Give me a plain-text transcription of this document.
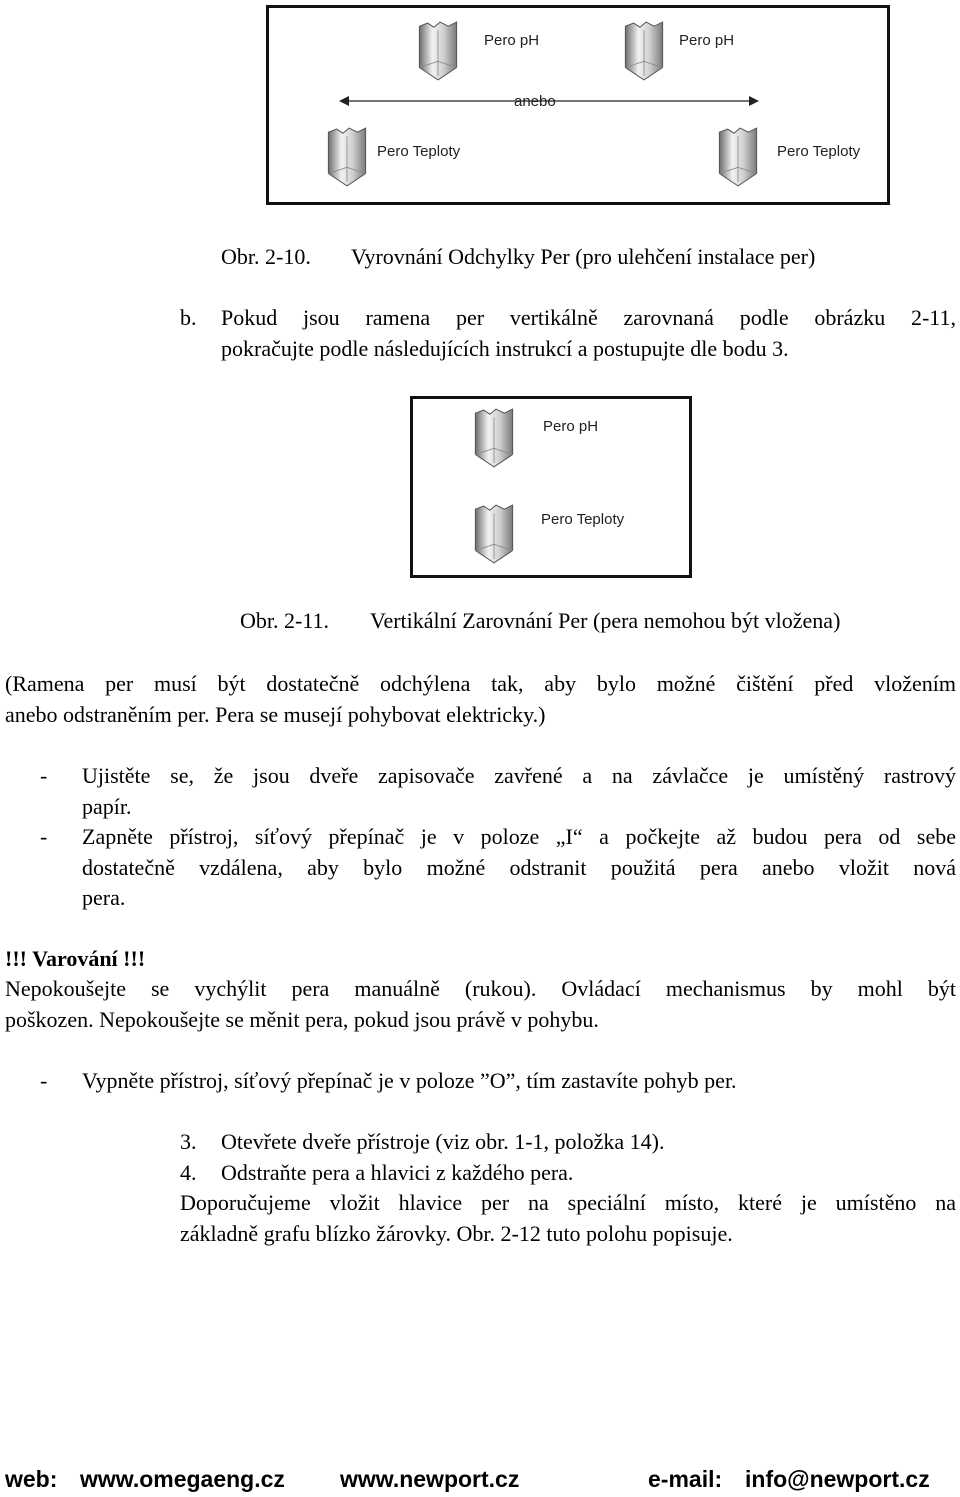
Pero pH	Pero pH
anebo
Pero Teploty	Pero Teploty
Obr. 2-10. Vyrovnání Odchylky Per (pro ulehčení instalace per)
b. Pokud jsou ramena per vertikálně zarovnaná podle obrázku 2-11,
pokračujte podle následujících instrukcí a postupujte dle bodu 3.
Pero pH
Pero Teploty
Obr. 2-11. Vertikální Zarovnání Per (pera nemohou být vložena)
(Ramena per musí být dostatečně odchýlena tak, aby bylo možné čištění před vložením
anebo odstraněním per. Pera se musejí pohybovat elektricky.)
- Ujistěte se, že jsou dveře zapisovače zavřené a na závlačce je umístěný rastrový
papír.
- Zapněte přístroj, síťový přepínač je v poloze „I“ a počkejte až budou pera od sebe
dostatečně vzdálena, aby bylo možné odstranit použitá pera anebo vložit nová
pera.
!!! Varování !!!
Nepokoušejte se vychýlit pera manuálně (rukou). Ovládací mechanismus by mohl být
poškozen. Nepokoušejte se měnit pera, pokud jsou právě v pohybu.
- Vypněte přístroj, síťový přepínač je v poloze ”O”, tím zastavíte pohyb per.
3. Otevřete dveře přístroje (viz obr. 1-1, položka 14).
4. Odstraňte pera a hlavici z každého pera.
Doporučujeme vložit hlavice per na speciální místo, které je umístěno na
základně grafu blízko žárovky. Obr. 2-12 tuto polohu popisuje.
web: www.omegaeng.cz www.newport.cz	e-mail: info@newport.cz
